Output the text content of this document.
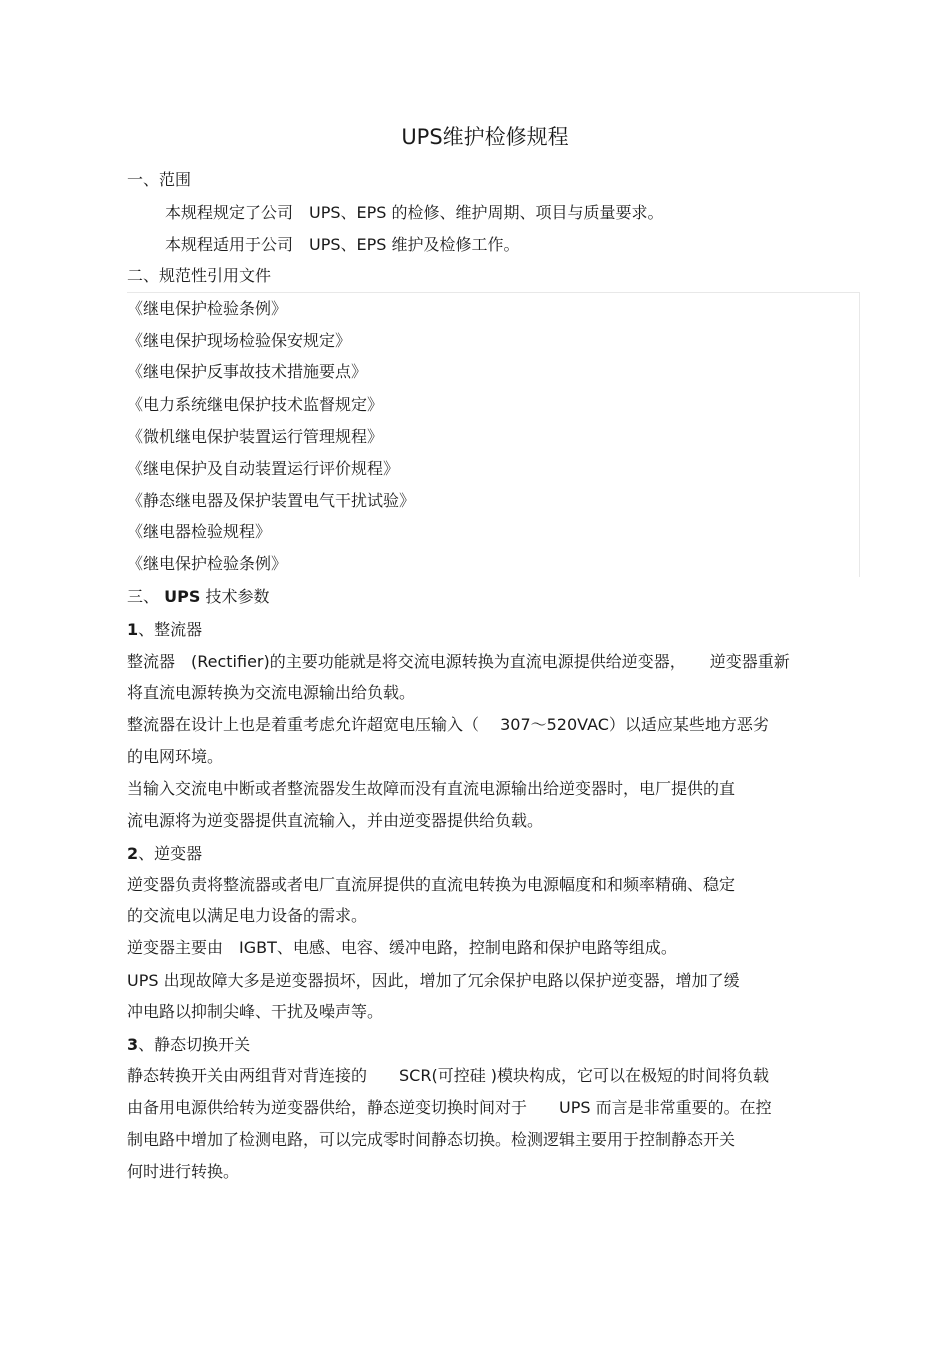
UPS维护检修规程
一、范围
本规程规定了公司　UPS、EPS 的检修、维护周期、项目与质量要求。
本规程适用于公司　UPS、EPS 维护及检修工作。
二、规范性引用文件
《继电保护检验条例》
《继电保护现场检验保安规定》
《继电保护反事故技术措施要点》
《电力系统继电保护技术监督规定》
《微机继电保护装置运行管理规程》
《继电保护及自动装置运行评价规程》
《静态继电器及保护装置电气干扰试验》
《继电器检验规程》
《继电保护检验条例》
三、 UPS 技术参数
1、整流器
整流器　(Rectifier)的主要功能就是将交流电源转换为直流电源提供给逆变器，　　逆变器重新
将直流电源转换为交流电源输出给负载。
整流器在设计上也是着重考虑允许超宽电压输入（　 307～520VAC）以适应某些地方恶劣
的电网环境。
当输入交流电中断或者整流器发生故障而没有直流电源输出给逆变器时，电厂提供的直
流电源将为逆变器提供直流输入，并由逆变器提供给负载。
2、逆变器
逆变器负责将整流器或者电厂直流屏提供的直流电转换为电源幅度和和频率精确、稳定
的交流电以满足电力设备的需求。
逆变器主要由　IGBT、电感、电容、缓冲电路，控制电路和保护电路等组成。
UPS 出现故障大多是逆变器损坏，因此，增加了冗余保护电路以保护逆变器，增加了缓
冲电路以抑制尖峰、干扰及噪声等。
3、静态切换开关
静态转换开关由两组背对背连接的　　SCR(可控硅 )模块构成，它可以在极短的时间将负载
由备用电源供给转为逆变器供给，静态逆变切换时间对于　　UPS 而言是非常重要的。在控
制电路中增加了检测电路，可以完成零时间静态切换。检测逻辑主要用于控制静态开关
何时进行转换。
